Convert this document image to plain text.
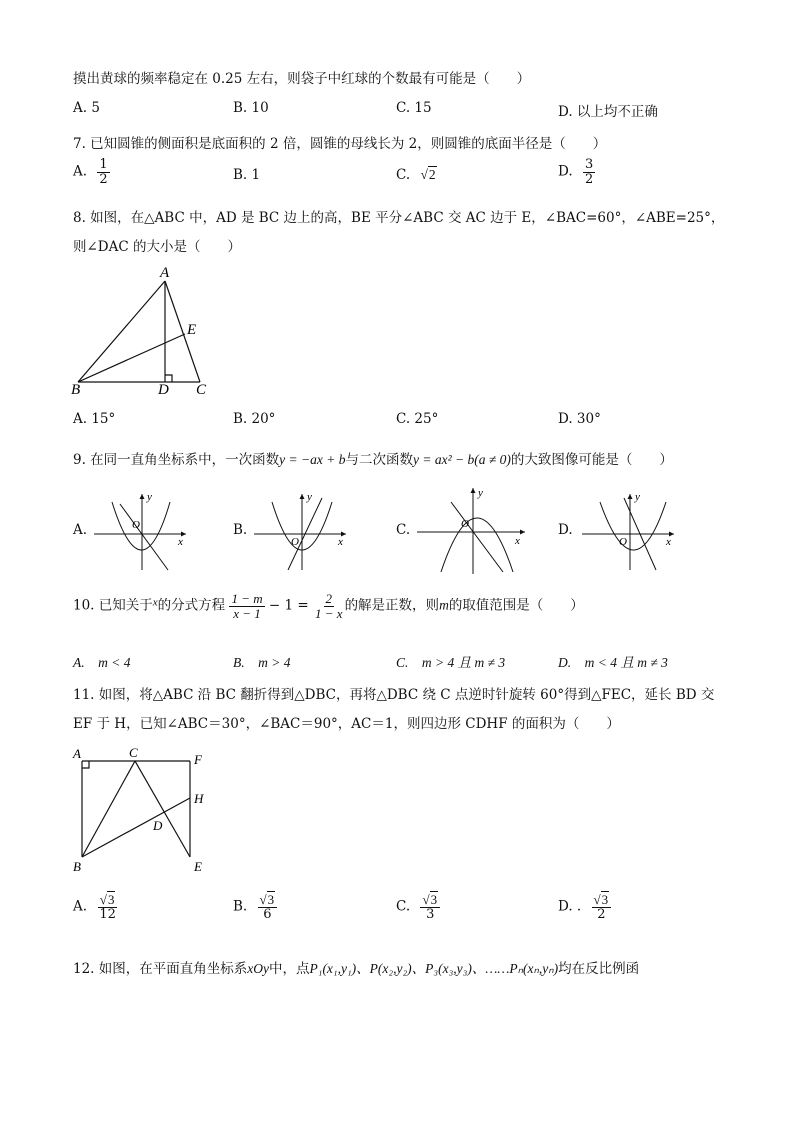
摸出黄球的频率稳定在 0.25 左右，则袋子中红球的个数最有可能是（　　）
A. 5	B. 10	C. 15	D. 以上均不正确
7. 已知圆锥的侧面积是底面积的 2 倍，圆锥的母线长为 2，则圆锥的底面半径是（　　）
A. $\frac{1}{2}$	B. 1	C. √2	D. $\frac{3}{2}$
8. 如图，在△ABC 中，AD 是 BC 边上的高，BE 平分∠ABC 交 AC 边于 E，∠BAC=60°，∠ABE=25°，
则∠DAC 的大小是（　　）
A
B	C
D
E
A. 15°	B. 20°	C. 25°	D. 30°
9. 在同一直角坐标系中，一次函数y = −ax + b与二次函数y = ax² − b(a ≠ 0)的大致图像可能是（　　）
A.
y
x
O	B.
y
x
O
C.
y
x
O	D.
y
x
O
10. 已知关于$^x$的分式方程 $\frac{1 - m}{x - 1} - 1 = \frac{2}{1 - x}$ 的解是正数，则m的取值范围是（　　）
A.　m < 4	B.　m > 4	C.　m > 4 且 m ≠ 3	D.　m < 4 且 m ≠ 3
11. 如图，将△ABC 沿 BC 翻折得到△DBC，再将△DBC 绕 C 点逆时针旋转 60°得到△FEC，延长 BD 交
EF 于 H，已知∠ABC＝30°，∠BAC＝90°，AC＝1，则四边形 CDHF 的面积为（　　）
A	C	F
H
D
B	E
A. $\frac{√3}{12}$	B. $\frac{√3}{6}$	C. $\frac{√3}{3}$	D. . $\frac{√3}{2}$
12. 如图，在平面直角坐标系xOy中，点P₁(x₁,y₁)、P(x₂,y₂)、P₃(x₃,y₃)、……Pₙ(xₙ,yₙ)均在反比例函
